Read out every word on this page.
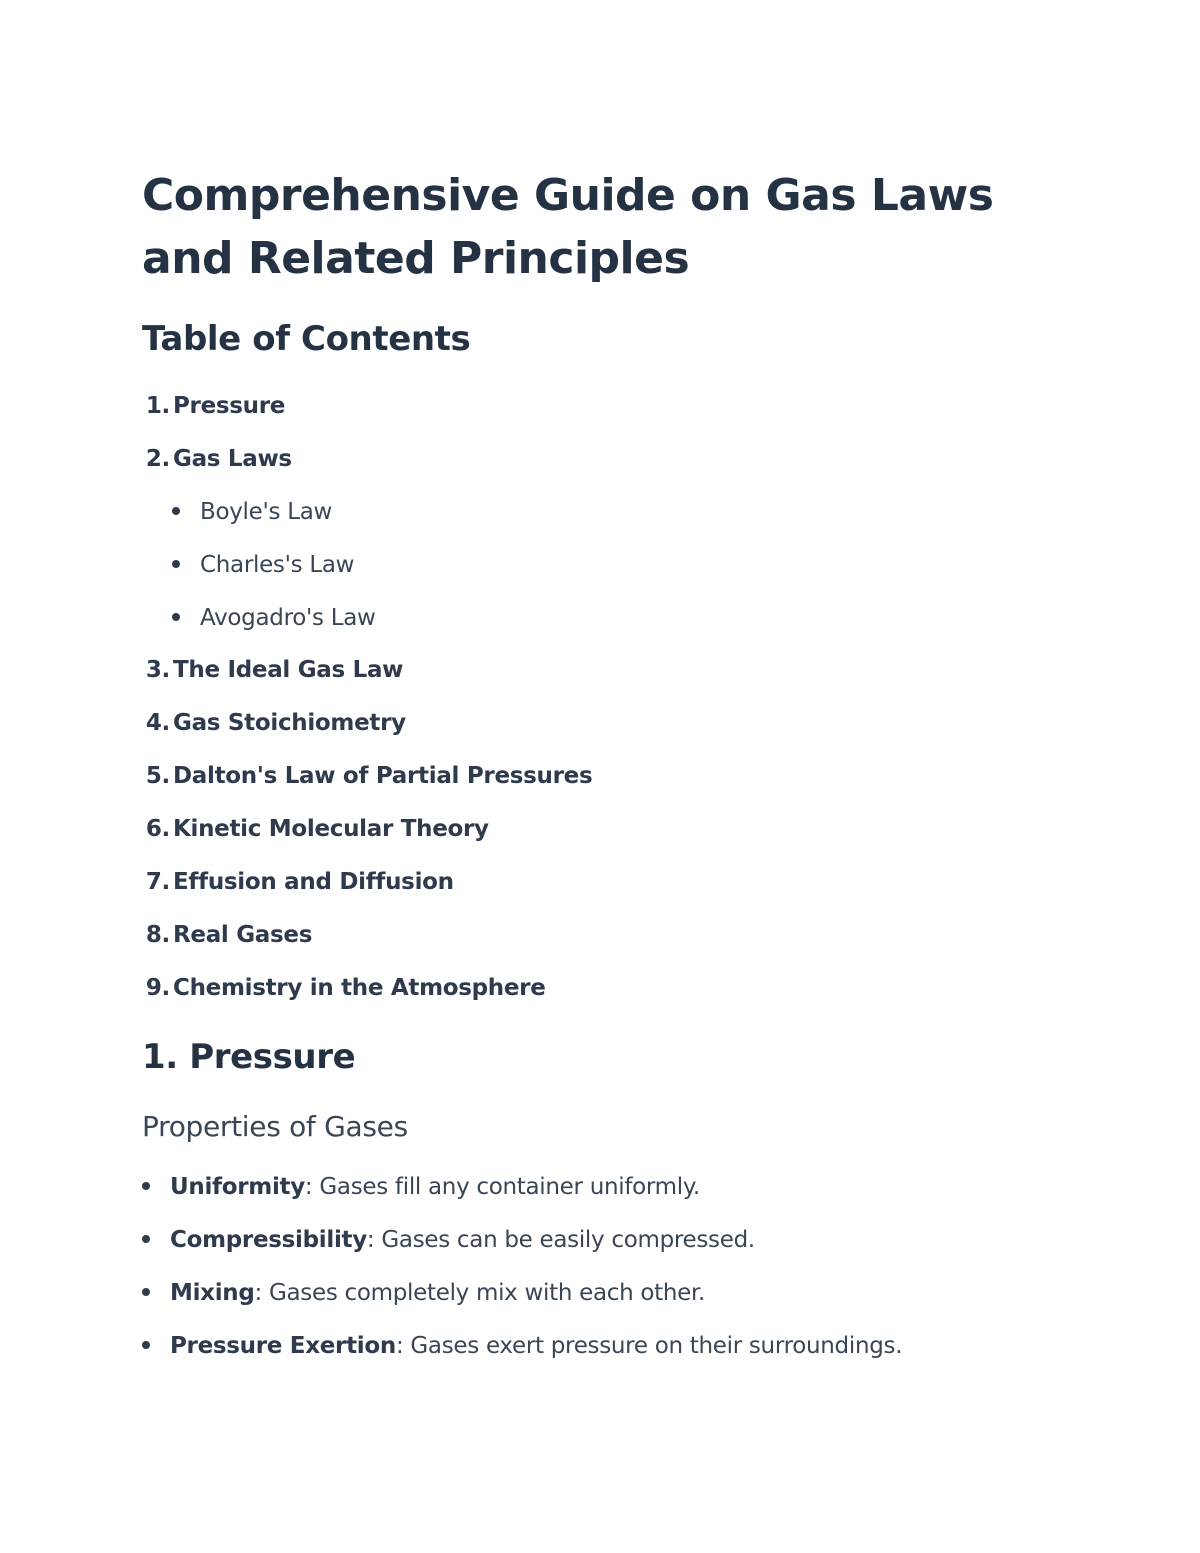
Comprehensive Guide on Gas Laws and Related Principles
Table of Contents
1. Pressure
2. Gas Laws
Boyle's Law
Charles's Law
Avogadro's Law
3. The Ideal Gas Law
4. Gas Stoichiometry
5. Dalton's Law of Partial Pressures
6. Kinetic Molecular Theory
7. Effusion and Diffusion
8. Real Gases
9. Chemistry in the Atmosphere
1. Pressure
Properties of Gases
Uniformity: Gases fill any container uniformly.
Compressibility: Gases can be easily compressed.
Mixing: Gases completely mix with each other.
Pressure Exertion: Gases exert pressure on their surroundings.
